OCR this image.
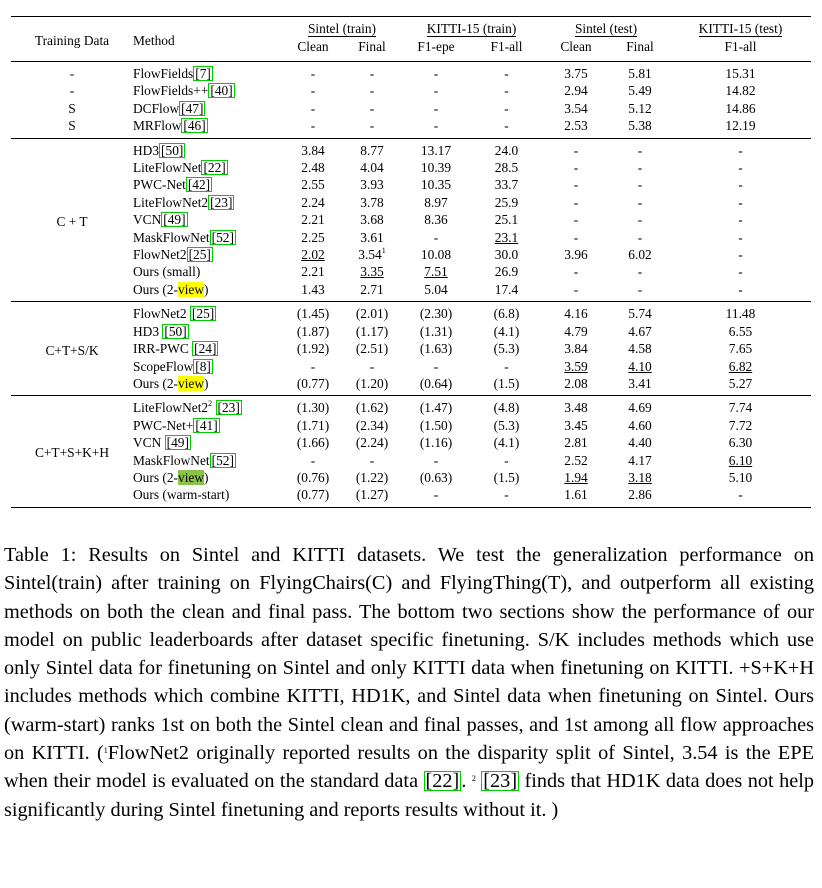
Training Data	Method	Sintel (train)		KITTI-15 (train)		Sintel (test)		KITTI-15 (test)
		Clean	Final	F1-epe	F1-all	Clean	Final	F1-all
-	FlowFields [7]	-	-	-	-	3.75	5.81	15.31
-	FlowFields++ [40]	-	-	-	-	2.94	5.49	14.82
S	DCFlow [47]	-	-	-	-	3.54	5.12	14.86
S	MRFlow [46]	-	-	-	-	2.53	5.38	12.19
C + T	HD3 [50]	3.84	8.77	13.17	24.0	-	-	-
	LiteFlowNet [22]	2.48	4.04	10.39	28.5	-	-	-
	PWC-Net [42]	2.55	3.93	10.35	33.7	-	-	-
	LiteFlowNet2 [23]	2.24	3.78	8.97	25.9	-	-	-
	VCN [49]	2.21	3.68	8.36	25.1	-	-	-
	MaskFlowNet [52]	2.25	3.61	-	23.1	-	-	-
	FlowNet2 [25]	2.02	3.54$^1$	10.08	30.0	3.96	6.02	-
	Ours (small)	2.21	3.35	7.51	26.9	-	-	-
	Ours (2-view)	1.43	2.71	5.04	17.4	-	-	-
C+T+S/K	FlowNet2 [25]	(1.45)	(2.01)	(2.30)	(6.8)	4.16	5.74	11.48
	HD3 [50]	(1.87)	(1.17)	(1.31)	(4.1)	4.79	4.67	6.55
	IRR-PWC [24]	(1.92)	(2.51)	(1.63)	(5.3)	3.84	4.58	7.65
	ScopeFlow [8]	-	-	-	-	3.59	4.10	6.82
	Ours (2-view)	(0.77)	(1.20)	(0.64)	(1.5)	2.08	3.41	5.27
C+T+S+K+H	$LiteFlowNet2^2$ [23]	(1.30)	(1.62)	(1.47)	(4.8)	3.48	4.69	7.74
	PWC-Net+ [41]	(1.71)	(2.34)	(1.50)	(5.3)	3.45	4.60	7.72
	VCN [49]	(1.66)	(2.24)	(1.16)	(4.1)	2.81	4.40	6.30
	MaskFlowNet [52]	-	-	-	-	2.52	4.17	6.10
	Ours (2-view)	(0.76)	(1.22)	(0.63)	(1.5)	1.94	3.18	5.10
	Ours (warm-start)	(0.77)	(1.27)	-	-	1.61	2.86	-
Table 1: Results on Sintel and KITTI datasets. We test the generalization performance on Sintel(train) after training on FlyingChairs(C) and FlyingThing(T), and outperform all existing methods on both the clean and final pass. The bottom two sections show the performance of our model on public leaderboards after dataset specific finetuning. S/K includes methods which use only Sintel data for finetuning on Sintel and only KITTI data when finetuning on KITTI. +S+K+H includes methods which combine KITTI, HD1K, and Sintel data when finetuning on Sintel. Ours (warm-start) ranks 1st on both the Sintel clean and final passes, and 1st among all flow approaches on KITTI. ($^1$FlowNet2 originally reported results on the disparity split of Sintel, 3.54 is the EPE when their model is evaluated on the standard data [22]. $^2$ [23] finds that HD1K data does not help significantly during Sintel finetuning and reports results without it. )
